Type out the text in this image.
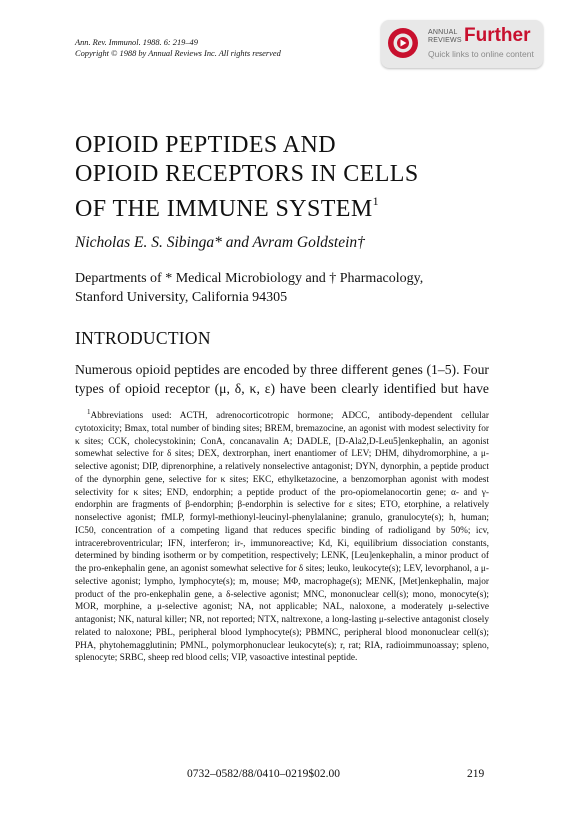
Ann. Rev. Immunol. 1988. 6: 219–49
Copyright © 1988 by Annual Reviews Inc. All rights reserved
ANNUAL
REVIEWS Further
Quick links to online content
OPIOID PEPTIDES AND
OPIOID RECEPTORS IN CELLS
OF THE IMMUNE SYSTEM$^1$
Nicholas E. S. Sibinga* and Avram Goldstein†
Departments of * Medical Microbiology and † Pharmacology,
Stanford University, California 94305
INTRODUCTION
Numerous opioid peptides are encoded by three different genes (1–5). Four
types of opioid receptor (μ, δ, κ, ε) have been clearly identified but have

$^1$Abbreviations used: ACTH, adrenocorticotropic hormone; ADCC, antibody-dependent cellular cytotoxicity; Bmax, total number of binding sites; BREM, bremazocine, an agonist with modest selectivity for κ sites; CCK, cholecystokinin; ConA, concanavalin A; DADLE, [D-Ala2,D-Leu5]enkephalin, an agonist somewhat selective for δ sites; DEX, dextrorphan, inert enantiomer of LEV; DHM, dihydromorphine, a μ-selective agonist; DIP, diprenorphine, a relatively nonselective antagonist; DYN, dynorphin, a peptide product of the dynorphin gene, selective for κ sites; EKC, ethylketazocine, a benzomorphan agonist with modest selectivity for κ sites; END, endorphin; a peptide product of the pro-opiomelanocortin gene; α- and γ-endorphin are fragments of β-endorphin; β-endorphin is selective for ε sites; ETO, etorphine, a relatively nonselective agonist; fMLP, formyl-methionyl-leucinyl-phenylalanine; granulo, granulocyte(s); h, human; IC50, concentration of a competing ligand that reduces specific binding of radioligand by 50%; icv, intracerebroventricular; IFN, interferon; ir-, immunoreactive; Kd, Ki, equilibrium dissociation constants, determined by binding isotherm or by competition, respectively; LENK, [Leu]enkephalin, a minor product of the pro-enkephalin gene, an agonist somewhat selective for δ sites; leuko, leukocyte(s); LEV, levorphanol, a μ-selective agonist; lympho, lymphocyte(s); m, mouse; MΦ, macrophage(s); MENK, [Met]enkephalin, major product of the pro-enkephalin gene, a δ-selective agonist; MNC, mononuclear cell(s); mono, monocyte(s); MOR, morphine, a μ-selective agonist; NA, not applicable; NAL, naloxone, a moderately μ-selective antagonist; NK, natural killer; NR, not reported; NTX, naltrexone, a long-lasting μ-selective antagonist closely related to naloxone; PBL, peripheral blood lymphocyte(s); PBMNC, peripheral blood mononuclear cell(s); PHA, phytohemagglutinin; PMNL, polymorphonuclear leukocyte(s); r, rat; RIA, radioimmunoassay; spleno, splenocyte; SRBC, sheep red blood cells; VIP, vasoactive intestinal peptide.

0732–0582/88/0410–0219$02.00	219
